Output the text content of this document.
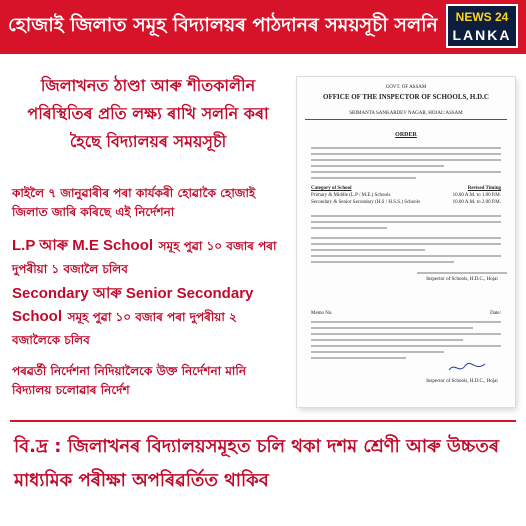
হোজাই জিলাত সমূহ বিদ্যালয়ৰ পাঠদানৰ সময়সূচী সলনি	NEWS 24
LANKA
জিলাখনত ঠাণ্ডা আৰু শীতকালীন পৰিস্থিতিৰ প্ৰতি লক্ষ্য ৰাখি সলনি কৰা হৈছে বিদ্যালয়ৰ সময়সূচী
কাইলৈ ৭ জানুৱাৰীৰ পৰা কাৰ্যকৰী হোৱাকৈ হোজাই জিলাত জাৰি কৰিছে এই নিৰ্দেশনা
L.P আৰু M.E School সমূহ পুৱা ১০ বজাৰ পৰা দুপৰীয়া ১ বজালৈ চলিব
Secondary আৰু Senior Secondary School সমূহ পুৱা ১০ বজাৰ পৰা দুপৰীয়া ২ বজালৈকে চলিব
পৰৱৰ্তী নিৰ্দেশনা নিদিয়ালৈকে উক্ত নিৰ্দেশনা মানি বিদ্যালয় চলোৱাৰ নিৰ্দেশ
GOVT. OF ASSAM
OFFICE OF THE INSPECTOR OF SCHOOLS, H.D.C
SRIMANTA SANKARDEV NAGAR, HOJAI::ASSAM
ORDER
Category of School	Revised Timing
Primary & Middle (L.P / M.E.) Schools	10.00 A.M. to 1.00 P.M.
Secondary & Senior Secondary (H.S / H.S.S.) Schools	10.00 A.M. to 2.00 P.M.
Inspector of Schools, H.D.C., Hojai
Memo No.	Date:
Inspector of Schools, H.D.C., Hojai
বি.দ্ৰ : জিলাখনৰ বিদ্যালয়সমূহত চলি থকা দশম শ্ৰেণী আৰু উচ্চতৰ মাধ্যমিক পৰীক্ষা অপৰিৱৰ্তিত থাকিব
